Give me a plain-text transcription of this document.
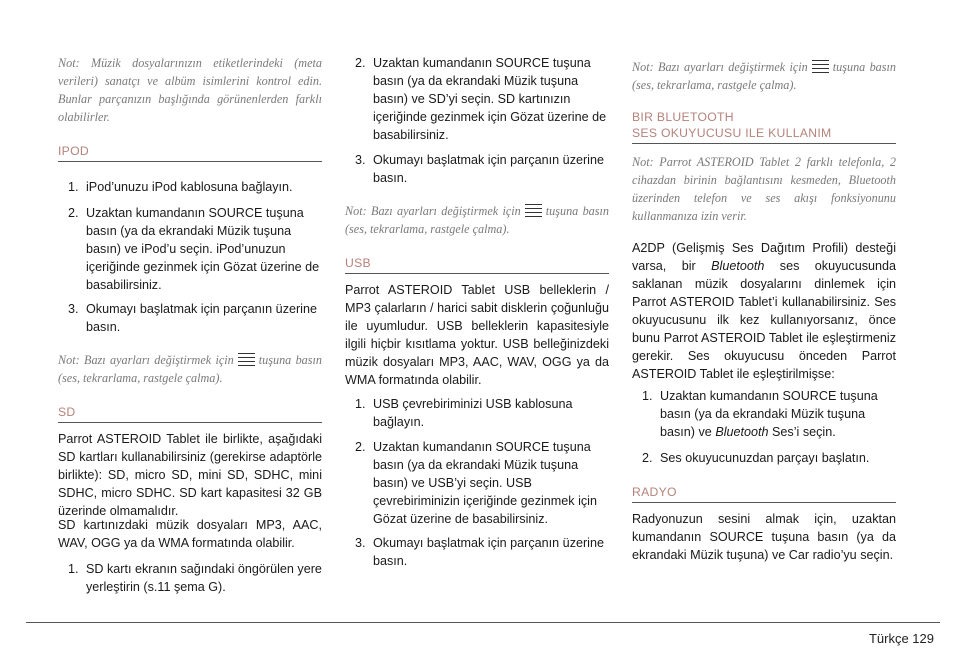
Not: Müzik dosyalarınızın etiketlerindeki (meta verileri) sanatçı ve albüm isimlerini kontrol edin. Bunlar parçanızın başlığında görünenlerden farklı olabilirler.

IPOD
1. iPod’unuzu iPod kablosuna bağlayın.
2. Uzaktan kumandanın SOURCE tuşuna basın (ya da ekrandaki Müzik tuşuna basın) ve iPod’u seçin. iPod’unuzun içeriğinde gezinmek için Gözat üzerine de basabilirsiniz.
3. Okumayı başlatmak için parçanın üzerine basın.

Not: Bazı ayarları değiştirmek için tuşuna basın (ses, tekrarlama, rastgele çalma).

SD

Parrot ASTEROID Tablet ile birlikte, aşağıdaki SD kartları kullanabilirsiniz (gerekirse adaptörle birlikte): SD, micro SD, mini SD, SDHC, mini SDHC, micro SDHC. SD kart kapasitesi 32 GB üzerinde olmamalıdır.

SD kartınızdaki müzik dosyaları MP3, AAC, WAV, OGG ya da WMA formatında olabilir.

1. SD kartı ekranın sağındaki öngörülen yere yerleştirin (s.11 şema G).
2. Uzaktan kumandanın SOURCE tuşuna basın (ya da ekrandaki Müzik tuşuna basın) ve SD’yi seçin. SD kartınızın içeriğinde gezinmek için Gözat üzerine de basabilirsiniz.
3. Okumayı başlatmak için parçanın üzerine basın.

Not: Bazı ayarları değiştirmek için tuşuna basın (ses, tekrarlama, rastgele çalma).

USB

Parrot ASTEROID Tablet USB belleklerin / MP3 çalarların / harici sabit disklerin çoğunluğu ile uyumludur. USB belleklerin kapasitesiyle ilgili hiçbir kısıtlama yoktur. USB belleğinizdeki müzik dosyaları MP3, AAC, WAV, OGG ya da WMA formatında olabilir.

1. USB çevrebiriminizi USB kablosuna bağlayın.
2. Uzaktan kumandanın SOURCE tuşuna basın (ya da ekrandaki Müzik tuşuna basın) ve USB’yi seçin. USB çevrebiriminizin içeriğinde gezinmek için Gözat üzerine de basabilirsiniz.
3. Okumayı başlatmak için parçanın üzerine basın.

Not: Bazı ayarları değiştirmek için tuşuna basın (ses, tekrarlama, rastgele çalma).

BIR BLUETOOTH
SES OKUYUCUSU ILE KULLANIM

Not: Parrot ASTEROID Tablet 2 farklı telefonla, 2 cihazdan birinin bağlantısını kesmeden, Bluetooth üzerinden telefon ve ses akışı fonksiyonunu kullanmanıza izin verir.

A2DP (Gelişmiş Ses Dağıtım Profili) desteği varsa, bir Bluetooth ses okuyucusunda saklanan müzik dosyalarını dinlemek için Parrot ASTEROID Tablet’i kullanabilirsiniz. Ses okuyucusunu ilk kez kullanıyorsanız, önce bunu Parrot ASTEROID Tablet ile eşleştirmeniz gerekir. Ses okuyucusu önceden Parrot ASTEROID Tablet ile eşleştirilmişse:

1. Uzaktan kumandanın SOURCE tuşuna basın (ya da ekrandaki Müzik tuşuna basın) ve Bluetooth Ses’i seçin.
2. Ses okuyucunuzdan parçayı başlatın.
RADYO

Radyonuzun sesini almak için, uzaktan kumandanın SOURCE tuşuna basın (ya da ekrandaki Müzik tuşuna) ve Car radio’yu seçin.

Türkçe 129
